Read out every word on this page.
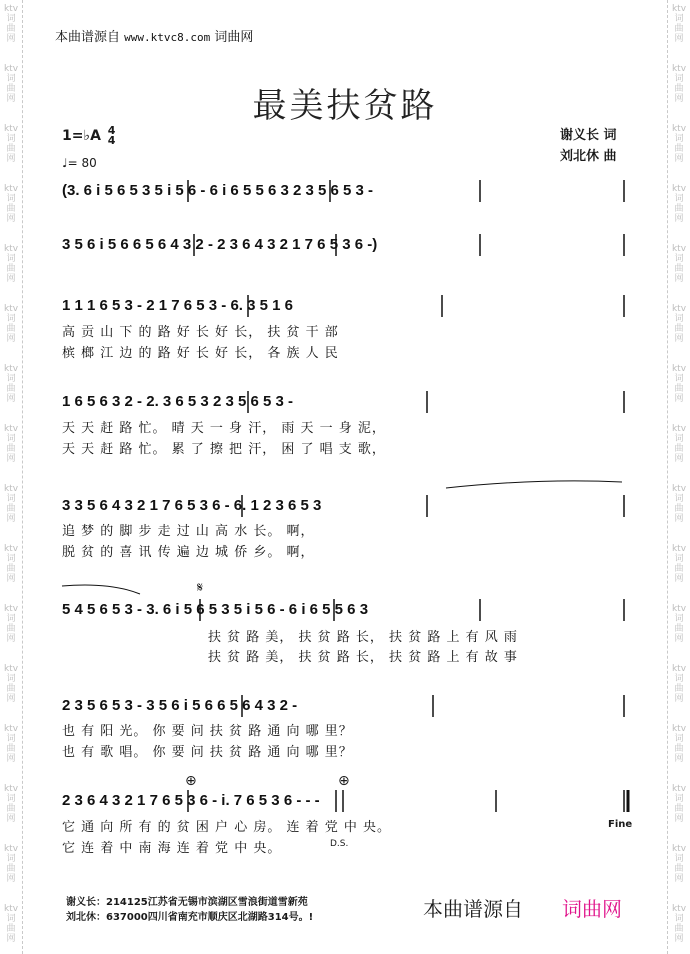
ktv
词
曲
网
ktv
词
曲
网
ktv
词
曲
网
ktv
词
曲
网
ktv
词
曲
网
ktv
词
曲
网
ktv
词
曲
网
ktv
词
曲
网
ktv
词
曲
网
ktv
词
曲
网
ktv
词
曲
网
ktv
词
曲
网
ktv
词
曲
网
ktv
词
曲
网
ktv
词
曲
网
ktv
词
曲
网
ktv
词
曲
网
ktv
词
曲
网
ktv
词
曲
网
ktv
词
曲
网
ktv
词
曲
网
ktv
词
曲
网
ktv
词
曲
网
ktv
词
曲
网
ktv
词
曲
网
ktv
词
曲
网
ktv
词
曲
网
ktv
词
曲
网
ktv
词
曲
网
ktv
词
曲
网
ktv
词
曲
网
ktv
词
曲
网
本曲谱源自 www.ktvc8.com 词曲网
最美扶贫路
1=♭A 4
4
♩= 80
谢义长 词
刘北休 曲
(3. 6 i 5 6 5 3 5 i 5 6 - 6 i 6 5 5 6 3 2 3 5 6 5 3 -
3 5 6 i 5 6 6 5 6 4 3 2 - 2 3 6 4 3 2 1 7 6 5 3 6 -)
1 1 1 6 5 3 - 2 1 7 6 5 3 - 6. 3 5 1 6
高 贡 山 下 的 路 好 长 好 长， 扶 贫 干 部
槟 榔 江 边 的 路 好 长 好 长， 各 族 人 民
1 6 5 6 3 2 - 2. 3 6 5 3 2 3 5 6 5 3 -
天 天 赶 路 忙。 晴 天 一 身 汗， 雨 天 一 身 泥，
天 天 赶 路 忙。 累 了 擦 把 汗， 困 了 唱 支 歌，
3 3 5 6 4 3 2 1 7 6 5 3 6 - 6. 1 2 3 6 5 3
追 梦 的 脚 步 走 过 山 高 水 长。 啊，
脱 贫 的 喜 讯 传 遍 边 城 侨 乡。 啊，
𝄋
5 4 5 6 5 3 - 3. 6 i 5 6 5 3 5 i 5 6 - 6 i 6 5 5 6 3
扶 贫 路 美， 扶 贫 路 长， 扶 贫 路 上 有 风 雨
扶 贫 路 美， 扶 贫 路 长， 扶 贫 路 上 有 故 事
2 3 5 6 5 3 - 3 5 6 i 5 6 6 5 6 4 3 2 -
也 有 阳 光。 你 要 问 扶 贫 路 通 向 哪 里？
也 有 歌 唱。 你 要 问 扶 贫 路 通 向 哪 里？
⊕	⊕
2 3 6 4 3 2 1 7 6 5 3 6 - i. 7 6 5 3 6 - - -
它 通 向 所 有 的 贫 困 户 心 房。 连 着 党 中 央。
它 连 着 中 南 海 连 着 党 中 央。
Fine
D.S.
谢义长：214125江苏省无锡市滨湖区雪浪街道雪新苑
刘北休：637000四川省南充市顺庆区北湖路314号。!	本曲谱源自 词曲网
